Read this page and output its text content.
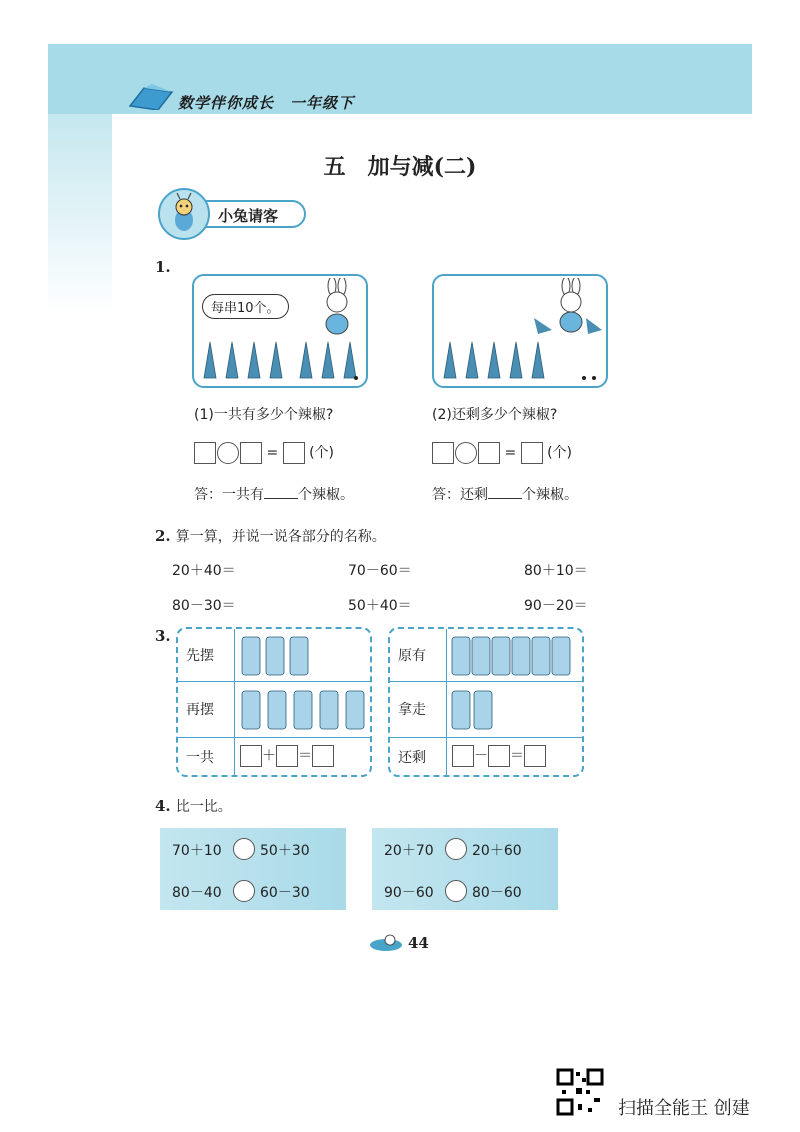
数学伴你成长　一年级下
五　加与减(二)
小兔请客
1.
每串10个。
(1)一共有多少个辣椒?	(2)还剩多少个辣椒?
= (个)	= (个)
答：一共有 个辣椒。	答：还剩 个辣椒。
2. 算一算，并说一说各部分的名称。
20＋40＝	70－60＝	80＋10＝
80－30＝	50＋40＝	90－20＝
3.
先摆
再摆
一共	＋ ＝
原有
拿走
还剩	－ ＝
4. 比一比。
70＋10	50＋30
80－40	60－30
20＋70	20＋60
90－60	80－60
44
扫描全能王 创建
